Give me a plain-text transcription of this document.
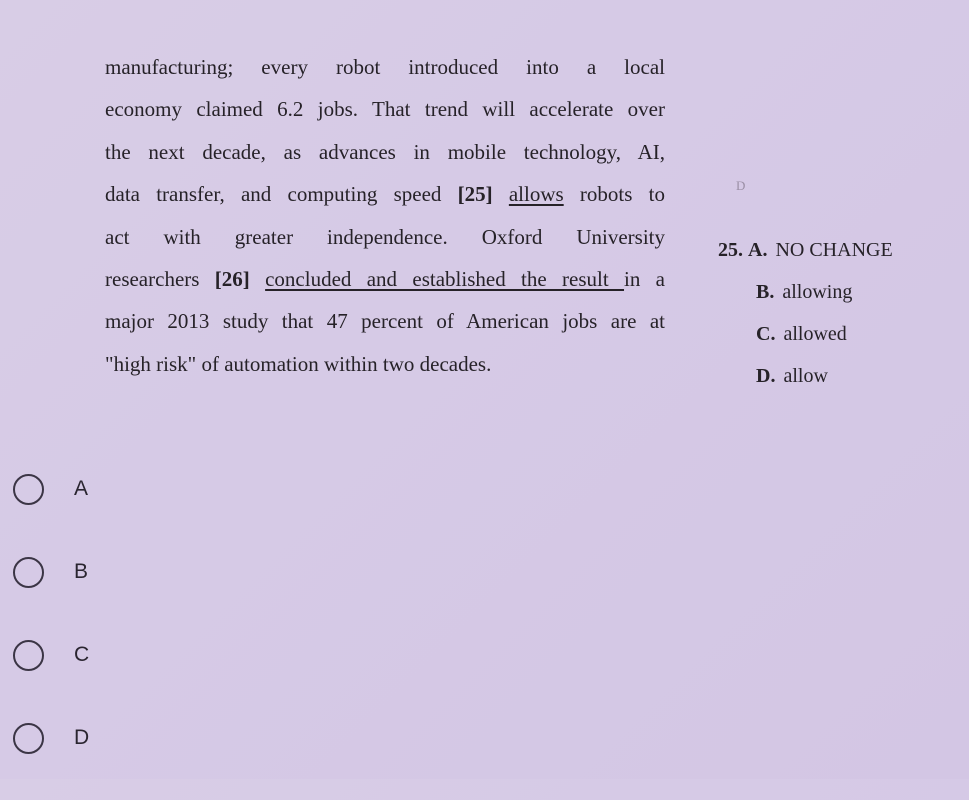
manufacturing; every robot introduced into a local
economy claimed 6.2 jobs. That trend will accelerate over
the next decade, as advances in mobile technology, AI,
data transfer, and computing speed [25] allows robots to
act with greater independence. Oxford University
researchers [26] concluded and established the result in a
major 2013 study that 47 percent of American jobs are at
"high risk" of automation within two decades.
D
25. A. NO CHANGE
B. allowing
C. allowed
D. allow
A
B
C
D
